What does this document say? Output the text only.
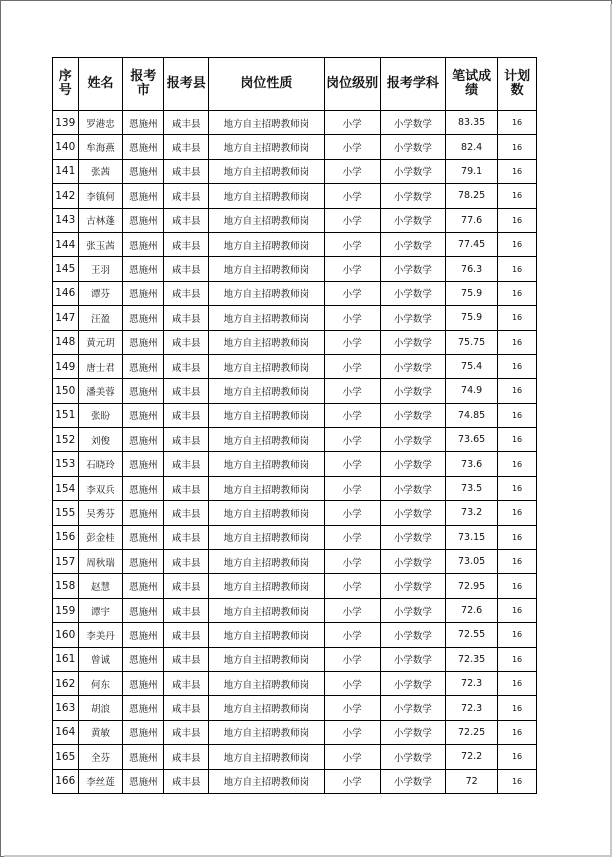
序号	姓名	报考市	报考县	岗位性质	岗位级别	报考学科	笔试成绩	计划数
139	罗港忠	恩施州	咸丰县	地方自主招聘教师岗	小学	小学数学	83.35	16
140	牟海燕	恩施州	咸丰县	地方自主招聘教师岗	小学	小学数学	82.4	16
141	张茜	恩施州	咸丰县	地方自主招聘教师岗	小学	小学数学	79.1	16
142	李镇何	恩施州	咸丰县	地方自主招聘教师岗	小学	小学数学	78.25	16
143	古林蓬	恩施州	咸丰县	地方自主招聘教师岗	小学	小学数学	77.6	16
144	张玉茜	恩施州	咸丰县	地方自主招聘教师岗	小学	小学数学	77.45	16
145	王羽	恩施州	咸丰县	地方自主招聘教师岗	小学	小学数学	76.3	16
146	谭芬	恩施州	咸丰县	地方自主招聘教师岗	小学	小学数学	75.9	16
147	汪盈	恩施州	咸丰县	地方自主招聘教师岗	小学	小学数学	75.9	16
148	黄元玥	恩施州	咸丰县	地方自主招聘教师岗	小学	小学数学	75.75	16
149	唐士君	恩施州	咸丰县	地方自主招聘教师岗	小学	小学数学	75.4	16
150	潘美蓉	恩施州	咸丰县	地方自主招聘教师岗	小学	小学数学	74.9	16
151	张盼	恩施州	咸丰县	地方自主招聘教师岗	小学	小学数学	74.85	16
152	刘俊	恩施州	咸丰县	地方自主招聘教师岗	小学	小学数学	73.65	16
153	石晓玲	恩施州	咸丰县	地方自主招聘教师岗	小学	小学数学	73.6	16
154	李双兵	恩施州	咸丰县	地方自主招聘教师岗	小学	小学数学	73.5	16
155	吴秀芬	恩施州	咸丰县	地方自主招聘教师岗	小学	小学数学	73.2	16
156	彭金桂	恩施州	咸丰县	地方自主招聘教师岗	小学	小学数学	73.15	16
157	周秋瑞	恩施州	咸丰县	地方自主招聘教师岗	小学	小学数学	73.05	16
158	赵慧	恩施州	咸丰县	地方自主招聘教师岗	小学	小学数学	72.95	16
159	谭宇	恩施州	咸丰县	地方自主招聘教师岗	小学	小学数学	72.6	16
160	李美丹	恩施州	咸丰县	地方自主招聘教师岗	小学	小学数学	72.55	16
161	曾诚	恩施州	咸丰县	地方自主招聘教师岗	小学	小学数学	72.35	16
162	何东	恩施州	咸丰县	地方自主招聘教师岗	小学	小学数学	72.3	16
163	胡浪	恩施州	咸丰县	地方自主招聘教师岗	小学	小学数学	72.3	16
164	黄敏	恩施州	咸丰县	地方自主招聘教师岗	小学	小学数学	72.25	16
165	全芬	恩施州	咸丰县	地方自主招聘教师岗	小学	小学数学	72.2	16
166	李丝莲	恩施州	咸丰县	地方自主招聘教师岗	小学	小学数学	72	16
